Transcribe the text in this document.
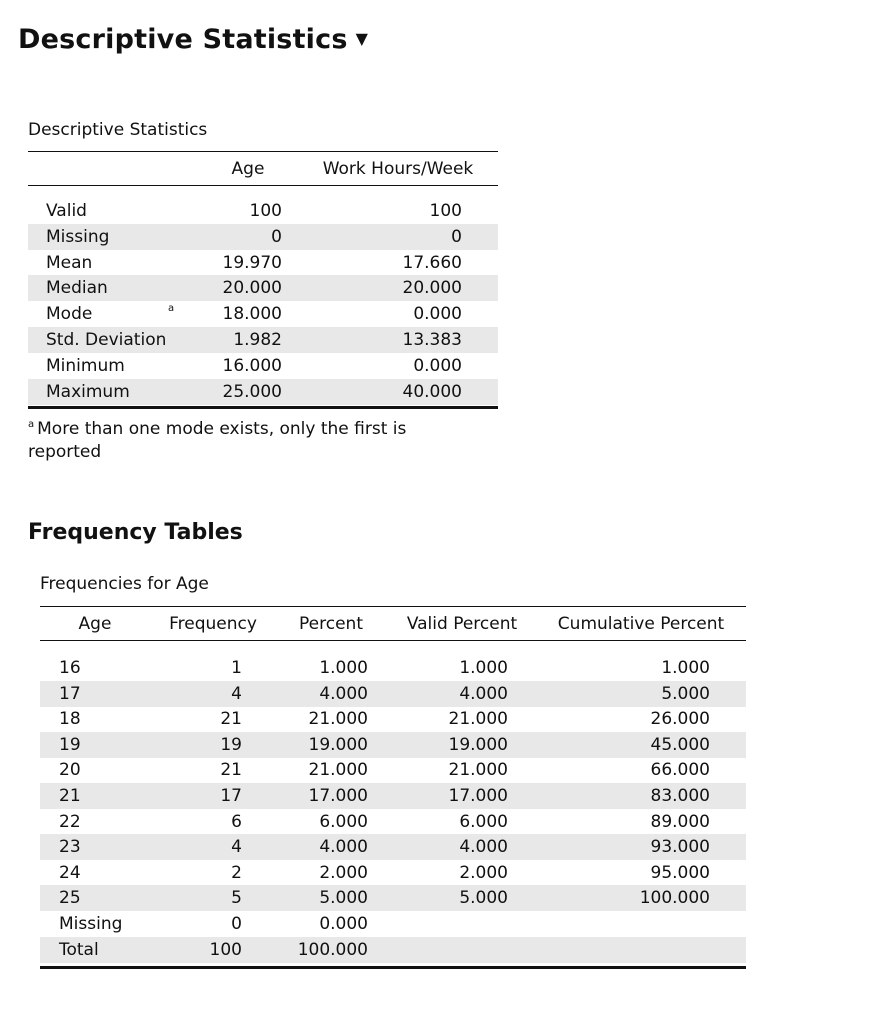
Descriptive Statistics ▼
Descriptive Statistics
Age	Work Hours/Week
Valid	100	100
Missing	0	0
Mean	19.970	17.660
Median	20.000	20.000
Mode	a	18.000	0.000
Std. Deviation	1.982	13.383
Minimum	16.000	0.000
Maximum	25.000	40.000
$^a$ More than one mode exists, only the first is reported
Frequency Tables
Frequencies for Age
Age	Frequency	Percent	Valid Percent	Cumulative Percent
16	1	1.000	1.000	1.000
17	4	4.000	4.000	5.000
18	21	21.000	21.000	26.000
19	19	19.000	19.000	45.000
20	21	21.000	21.000	66.000
21	17	17.000	17.000	83.000
22	6	6.000	6.000	89.000
23	4	4.000	4.000	93.000
24	2	2.000	2.000	95.000
25	5	5.000	5.000	100.000
Missing	0	0.000
Total	100	100.000
